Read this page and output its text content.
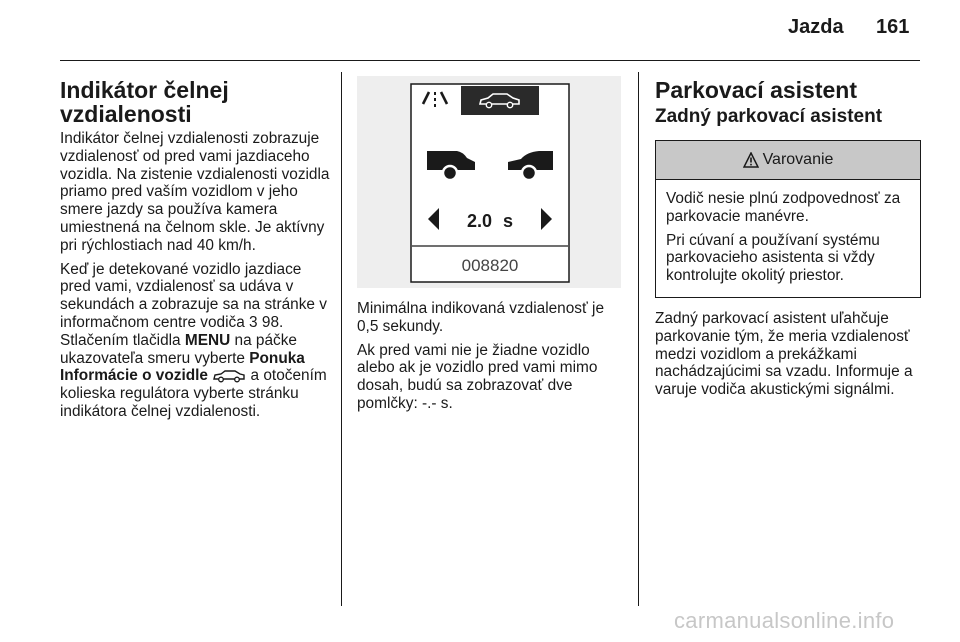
Jazda 161
Indikátor čelnej vzdialenosti

Indikátor čelnej vzdialenosti zobrazuje vzdialenosť od pred vami jazdiaceho vozidla. Na zistenie vzdialenosti vozidla priamo pred vaším vozidlom v jeho smere jazdy sa používa kamera umiestnená na čelnom skle. Je aktívny pri rýchlostiach nad 40 km/h.

Keď je detekované vozidlo jazdiace pred vami, vzdialenosť sa udáva v sekundách a zobrazuje sa na stránke v informačnom centre vodiča 3 98. Stlačením tlačidla MENU na páčke ukazovateľa smeru vyberte Ponuka Informácie o vozidle  a otočením kolieska regulátora vyberte stránku indikátora čelnej vzdialenosti.

2.0 s
008820

Minimálna indikovaná vzdialenosť je 0,5 sekundy.

Ak pred vami nie je žiadne vozidlo alebo ak je vozidlo pred vami mimo dosah, budú sa zobrazovať dve pomlčky: -.- s.

Parkovací asistent
Zadný parkovací asistent
Varovanie

Vodič nesie plnú zodpovednosť za parkovacie manévre.

Pri cúvaní a používaní systému parkovacieho asistenta si vždy kontrolujte okolitý priestor.

Zadný parkovací asistent uľahčuje parkovanie tým, že meria vzdialenosť medzi vozidlom a prekážkami nachádzajúcimi sa vzadu. Informuje a varuje vodiča akustickými signálmi.

carmanualsonline.info
